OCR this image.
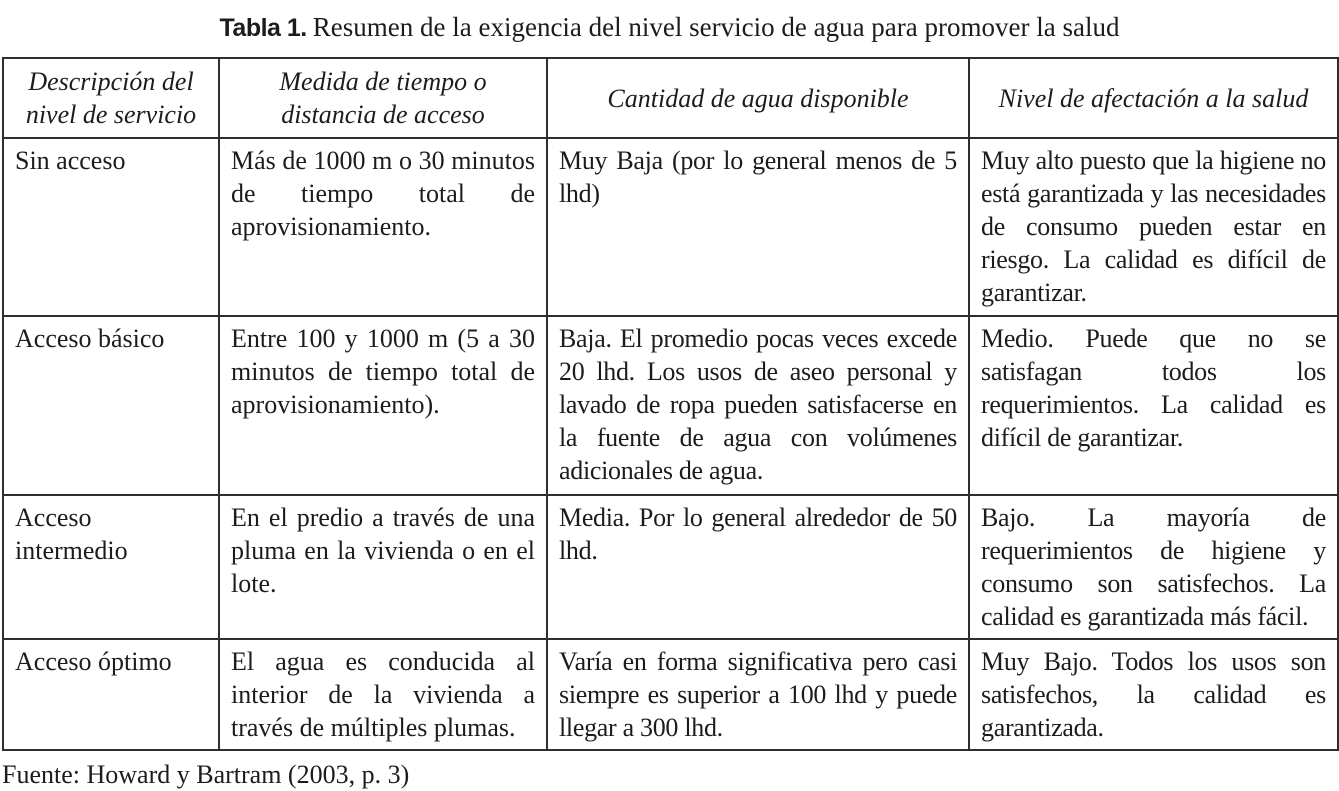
Tabla 1. Resumen de la exigencia del nivel servicio de agua para promover la salud
Descripción del nivel de servicio	Medida de tiempo o distancia de acceso	Cantidad de agua disponible	Nivel de afectación a la salud
Sin acceso	Más de 1000 m o 30 minutos de tiempo total de aprovisionamiento.	Muy Baja (por lo general menos de 5 lhd)	Muy alto puesto que la higiene no está garantizada y las necesidades de consumo pueden estar en riesgo. La calidad es difícil de garantizar.
Acceso básico	Entre 100 y 1000 m (5 a 30 minutos de tiempo total de aprovisionamiento).	Baja. El promedio pocas veces excede 20 lhd. Los usos de aseo personal y lavado de ropa pueden satisfacerse en la fuente de agua con volúmenes adicionales de agua.	Medio. Puede que no se satisfagan todos los requerimientos. La calidad es difícil de garantizar.
Acceso intermedio	En el predio a través de una pluma en la vivienda o en el lote.	Media. Por lo general alrededor de 50 lhd.	Bajo. La mayoría de requerimientos de higiene y consumo son satisfechos. La calidad es garantizada más fácil.
Acceso óptimo	El agua es conducida al interior de la vivienda a través de múltiples plumas.	Varía en forma significativa pero casi siempre es superior a 100 lhd y puede llegar a 300 lhd.	Muy Bajo. Todos los usos son satisfechos, la calidad es garantizada.
Fuente: Howard y Bartram (2003, p. 3)
